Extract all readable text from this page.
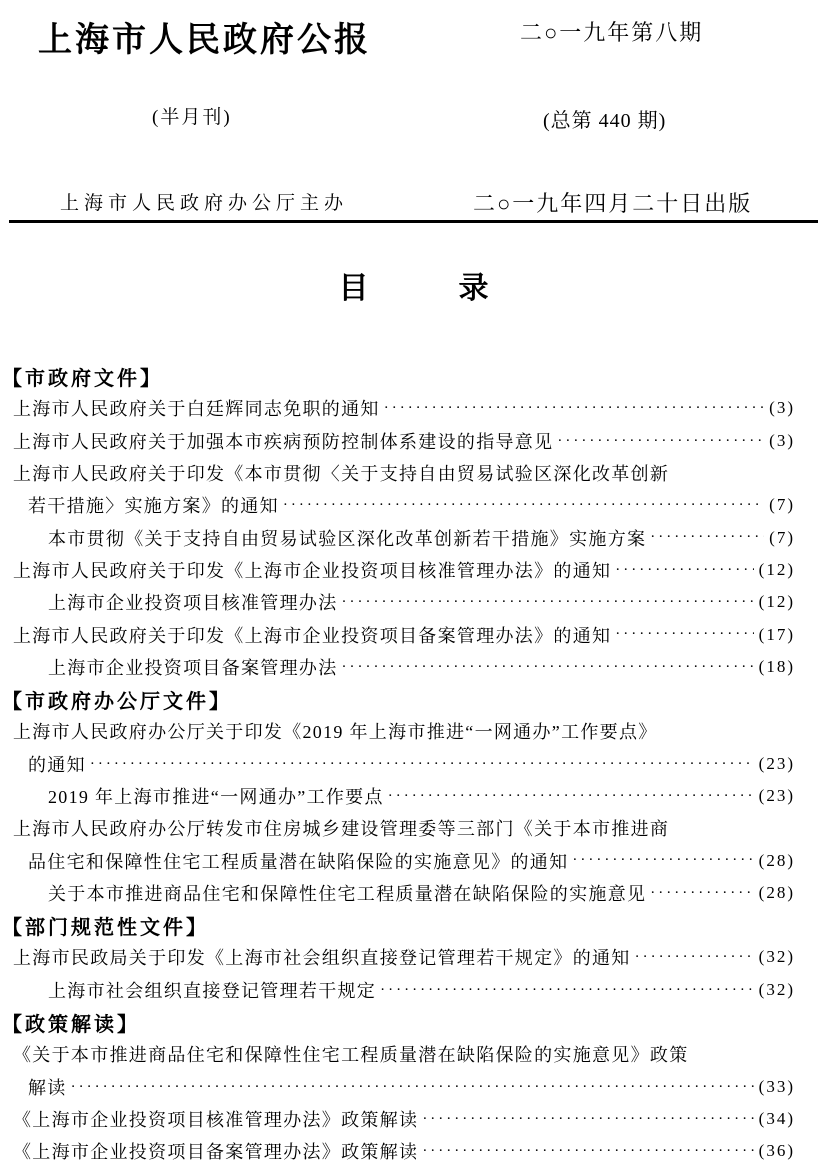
上海市人民政府公报	二○一九年第八期
(半月刊)	(总第 440 期)
上海市人民政府办公厅主办	二○一九年四月二十日出版
目　　　录
【市政府文件】
上海市人民政府关于白廷辉同志免职的通知 ·····	(3)
上海市人民政府关于加强本市疾病预防控制体系建设的指导意见 ·····	(3)
上海市人民政府关于印发《本市贯彻〈关于支持自由贸易试验区深化改革创新
若干措施〉实施方案》的通知 ·····	(7)
本市贯彻《关于支持自由贸易试验区深化改革创新若干措施》实施方案 ·····	(7)
上海市人民政府关于印发《上海市企业投资项目核准管理办法》的通知 ·····	(12)
上海市企业投资项目核准管理办法 ·····	(12)
上海市人民政府关于印发《上海市企业投资项目备案管理办法》的通知 ·····	(17)
上海市企业投资项目备案管理办法 ·····	(18)
【市政府办公厅文件】
上海市人民政府办公厅关于印发《2019 年上海市推进“一网通办”工作要点》
的通知 ·····	(23)
2019 年上海市推进“一网通办”工作要点 ·····	(23)
上海市人民政府办公厅转发市住房城乡建设管理委等三部门《关于本市推进商
品住宅和保障性住宅工程质量潜在缺陷保险的实施意见》的通知 ·····	(28)
关于本市推进商品住宅和保障性住宅工程质量潜在缺陷保险的实施意见 ·····	(28)
【部门规范性文件】
上海市民政局关于印发《上海市社会组织直接登记管理若干规定》的通知 ·····	(32)
上海市社会组织直接登记管理若干规定 ·····	(32)
【政策解读】
《关于本市推进商品住宅和保障性住宅工程质量潜在缺陷保险的实施意见》政策
解读 ·····	(33)
《上海市企业投资项目核准管理办法》政策解读 ·····	(34)
《上海市企业投资项目备案管理办法》政策解读 ·····	(36)
